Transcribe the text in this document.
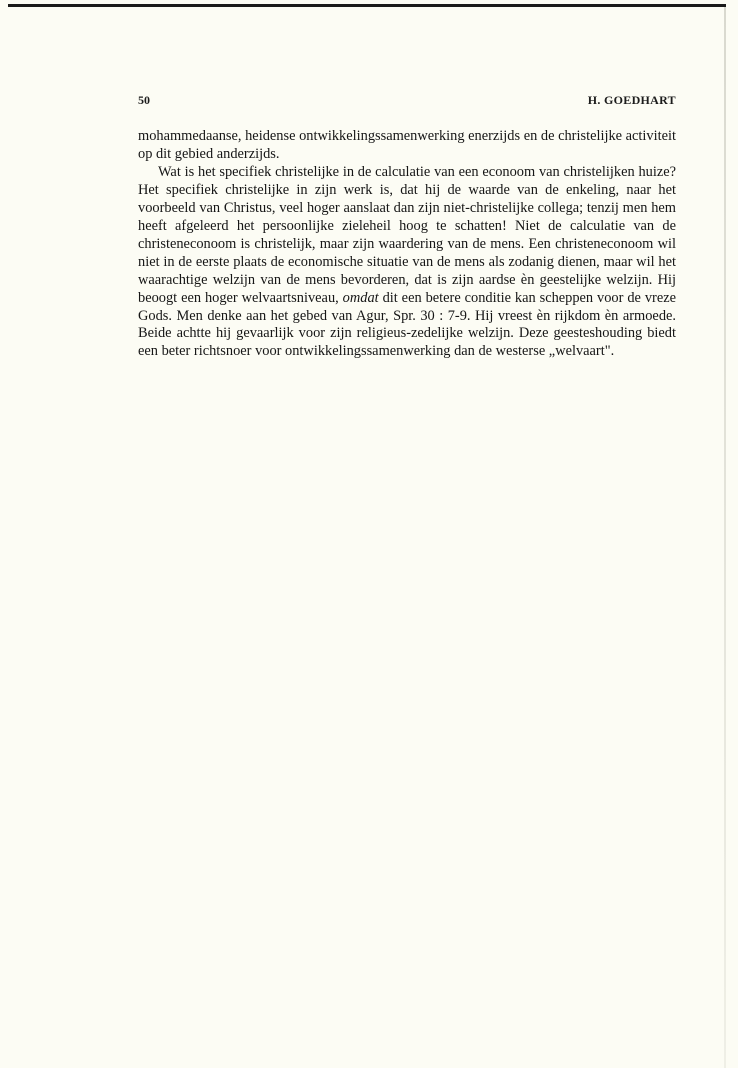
50	H. GOEDHART

mohammedaanse, heidense ontwikkelingssamenwerking enerzijds en de christelijke activiteit op dit gebied anderzijds.

Wat is het specifiek christelijke in de calculatie van een econoom van christelijken huize? Het specifiek christelijke in zijn werk is, dat hij de waarde van de enkeling, naar het voorbeeld van Christus, veel hoger aanslaat dan zijn niet-christelijke collega; tenzij men hem heeft afgeleerd het persoonlijke zieleheil hoog te schatten! Niet de calculatie van de christeneconoom is christelijk, maar zijn waardering van de mens. Een christeneconoom wil niet in de eerste plaats de economische situatie van de mens als zodanig dienen, maar wil het waarachtige welzijn van de mens bevorderen, dat is zijn aardse èn geestelijke welzijn. Hij beoogt een hoger welvaartsniveau, omdat dit een betere conditie kan scheppen voor de vreze Gods. Men denke aan het gebed van Agur, Spr. 30 : 7-9. Hij vreest èn rijkdom èn armoede. Beide achtte hij gevaarlijk voor zijn religieus-zedelijke welzijn. Deze geesteshouding biedt een beter richtsnoer voor ontwikkelingssamenwerking dan de westerse „welvaart".
